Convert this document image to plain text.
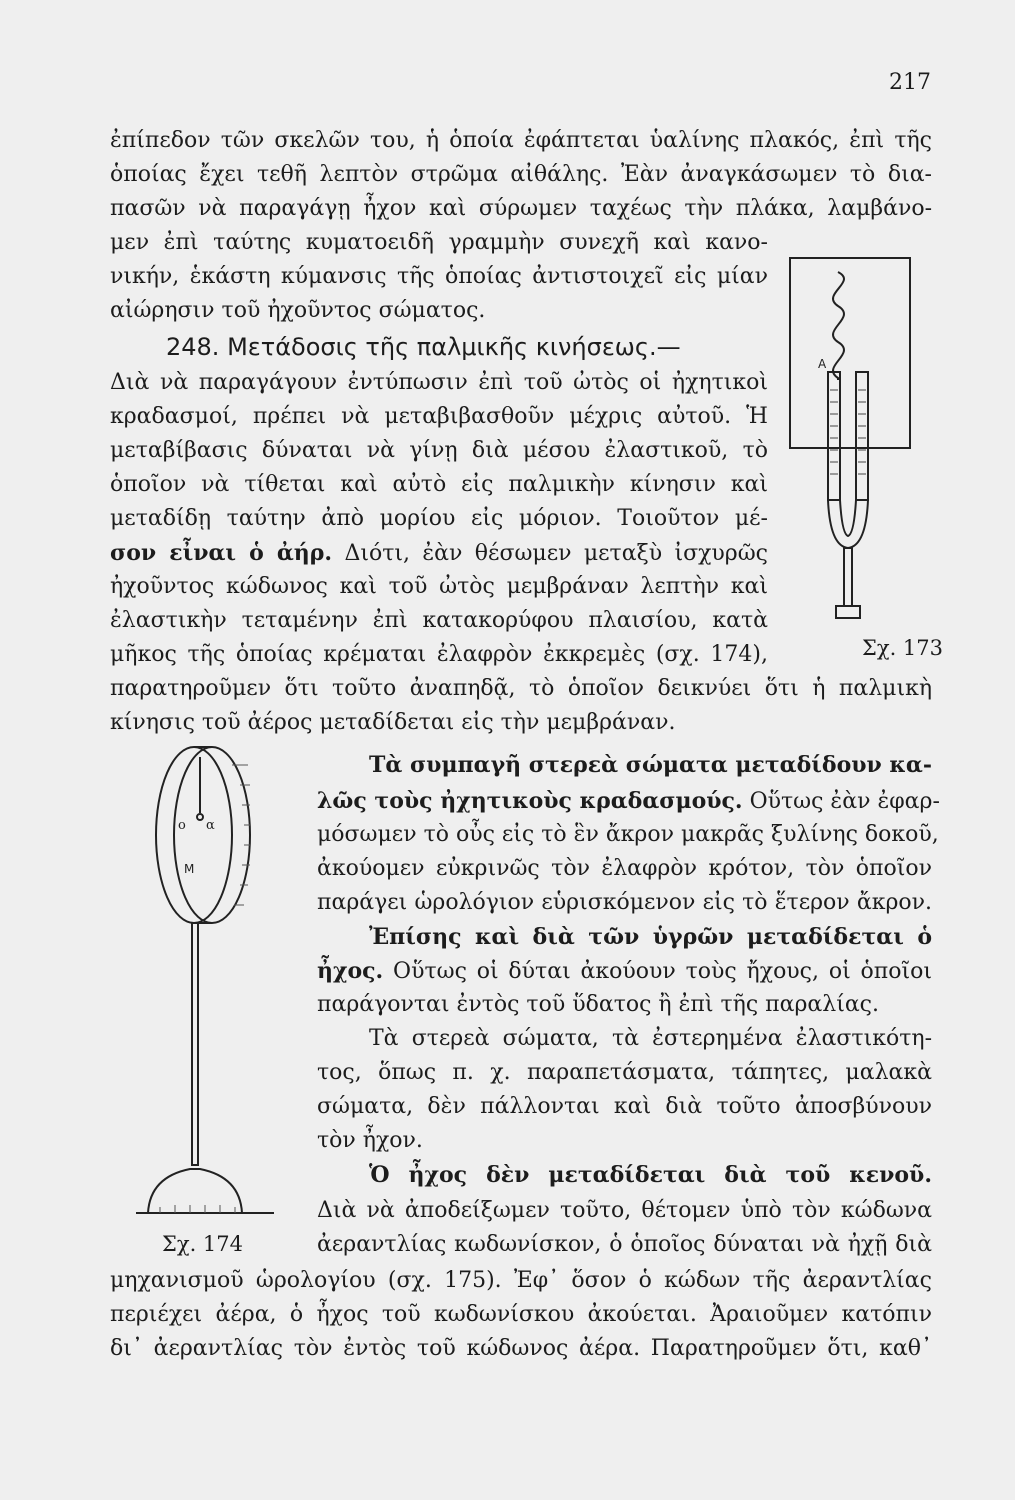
217
ἐπίπεδον τῶν σκελῶν του, ἡ ὁποία ἐφάπτεται ὑαλίνης πλακός, ἐπὶ τῆς
ὁποίας ἔχει τεθῆ λεπτὸν στρῶμα αἰθάλης. Ἐὰν ἀναγκάσωμεν τὸ δια-
πασῶν νὰ παραγάγῃ ἦχον καὶ σύρωμεν ταχέως τὴν πλάκα, λαμβάνο-
μεν ἐπὶ ταύτης κυματοειδῆ γραμμὴν συνεχῆ καὶ κανο-
νικήν, ἑκάστη κύμανσις τῆς ὁποίας ἀντιστοιχεῖ εἰς μίαν
αἰώρησιν τοῦ ἠχοῦντος σώματος.
248. Μετάδοσις τῆς παλμικῆς κινήσεως.—
Διὰ νὰ παραγάγουν ἐντύπωσιν ἐπὶ τοῦ ὠτὸς οἱ ἠχητικοὶ
κραδασμοί, πρέπει νὰ μεταβιβασθοῦν μέχρις αὐτοῦ. Ἡ
μεταβίβασις δύναται νὰ γίνῃ διὰ μέσου ἐλαστικοῦ, τὸ
ὁποῖον νὰ τίθεται καὶ αὐτὸ εἰς παλμικὴν κίνησιν καὶ
μεταδίδῃ ταύτην ἀπὸ μορίου εἰς μόριον. Τοιοῦτον μέ-
σον εἶναι ὁ ἀήρ. Διότι, ἐὰν θέσωμεν μεταξὺ ἰσχυρῶς
ἠχοῦντος κώδωνος καὶ τοῦ ὠτὸς μεμβράναν λεπτὴν καὶ
ἐλαστικὴν τεταμένην ἐπὶ κατακορύφου πλαισίου, κατὰ
μῆκος τῆς ὁποίας κρέμαται ἐλαφρὸν ἐκκρεμὲς (σχ. 174),
παρατηροῦμεν ὅτι τοῦτο ἀναπηδᾷ, τὸ ὁποῖον δεικνύει ὅτι ἡ παλμικὴ
κίνησις τοῦ ἀέρος μεταδίδεται εἰς τὴν μεμβράναν.
Τὰ συμπαγῆ στερεὰ σώματα μεταδίδουν κα-
λῶς τοὺς ἠχητικοὺς κραδασμούς. Οὕτως ἐὰν ἐφαρ-
μόσωμεν τὸ οὖς εἰς τὸ ἓν ἄκρον μακρᾶς ξυλίνης δοκοῦ,
ἀκούομεν εὐκρινῶς τὸν ἐλαφρὸν κρότον, τὸν ὁποῖον
παράγει ὡρολόγιον εὑρισκόμενον εἰς τὸ ἕτερον ἄκρον.
Ἐπίσης καὶ διὰ τῶν ὑγρῶν μεταδίδεται ὁ
ἦχος. Οὕτως οἱ δύται ἀκούουν τοὺς ἤχους, οἱ ὁποῖοι
παράγονται ἐντὸς τοῦ ὕδατος ἢ ἐπὶ τῆς παραλίας.
Τὰ στερεὰ σώματα, τὰ ἐστερημένα ἐλαστικότη-
τος, ὅπως π. χ. παραπετάσματα, τάπητες, μαλακὰ
σώματα, δὲν πάλλονται καὶ διὰ τοῦτο ἀποσβύνουν
τὸν ἦχον.
Ὁ ἦχος δὲν μεταδίδεται διὰ τοῦ κενοῦ.
Διὰ νὰ ἀποδείξωμεν τοῦτο, θέτομεν ὑπὸ τὸν κώδωνα
ἀεραντλίας κωδωνίσκον, ὁ ὁποῖος δύναται νὰ ἠχῇ διὰ
μηχανισμοῦ ὡρολογίου (σχ. 175). Ἐφ᾽ ὅσον ὁ κώδων τῆς ἀεραντλίας
περιέχει ἀέρα, ὁ ἦχος τοῦ κωδωνίσκου ἀκούεται. Ἀραιοῦμεν κατόπιν
δι᾽ ἀεραντλίας τὸν ἐντὸς τοῦ κώδωνος ἀέρα. Παρατηροῦμεν ὅτι, καθ᾽
Α
Σχ. 173
ο α
Μ
Σχ. 174
